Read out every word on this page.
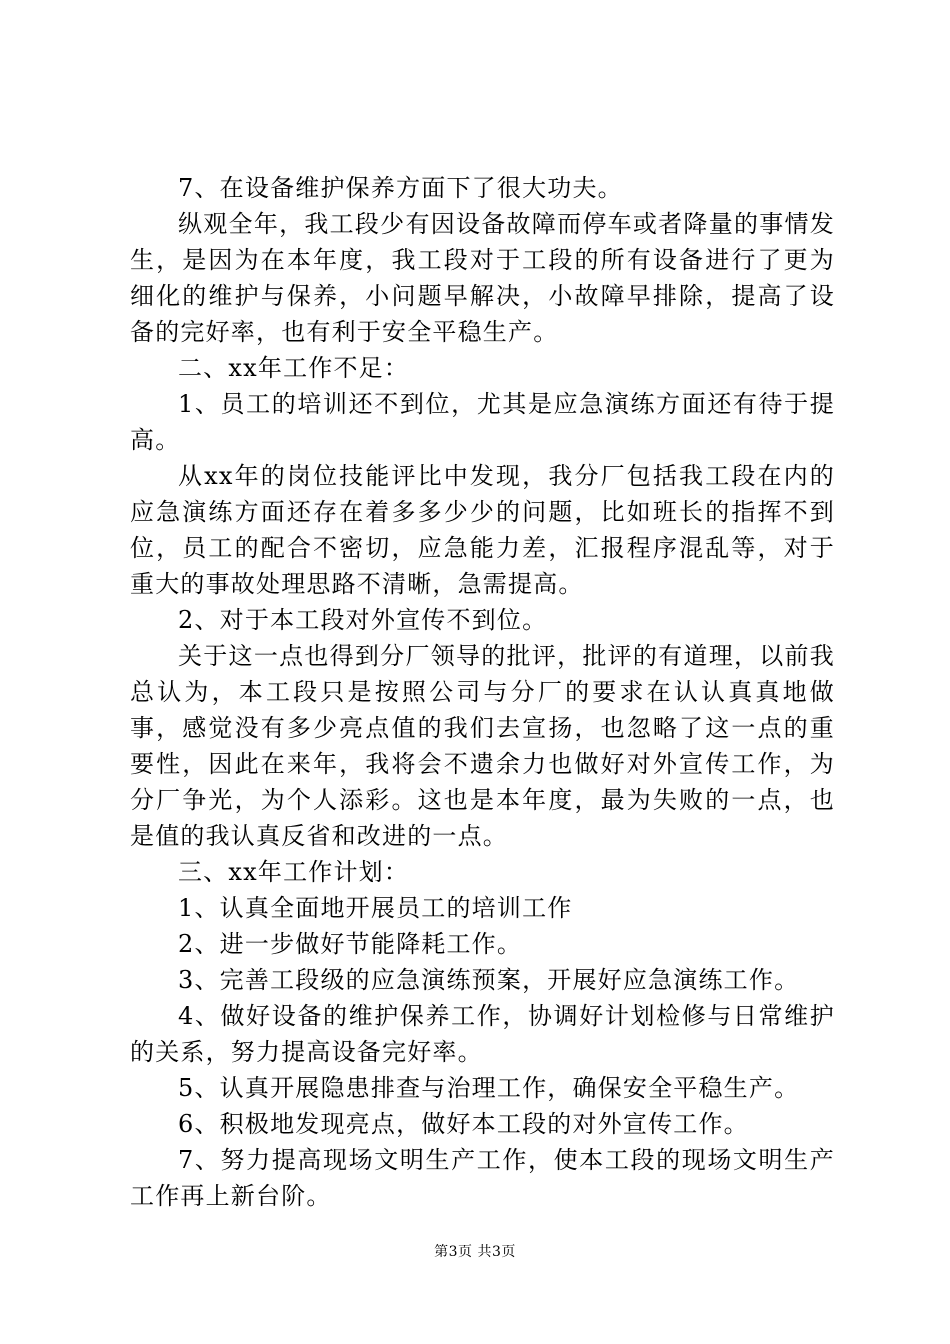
7、在设备维护保养方面下了很大功夫。

纵观全年，我工段少有因设备故障而停车或者降量的事情发生，是因为在本年度，我工段对于工段的所有设备进行了更为细化的维护与保养，小问题早解决，小故障早排除，提高了设备的完好率，也有利于安全平稳生产。

二、xx年工作不足：

1、员工的培训还不到位，尤其是应急演练方面还有待于提高。

从xx年的岗位技能评比中发现，我分厂包括我工段在内的应急演练方面还存在着多多少少的问题，比如班长的指挥不到位，员工的配合不密切，应急能力差，汇报程序混乱等，对于重大的事故处理思路不清晰，急需提高。

2、对于本工段对外宣传不到位。

关于这一点也得到分厂领导的批评，批评的有道理，以前我总认为，本工段只是按照公司与分厂的要求在认认真真地做事，感觉没有多少亮点值的我们去宣扬，也忽略了这一点的重要性，因此在来年，我将会不遗余力也做好对外宣传工作，为分厂争光，为个人添彩。这也是本年度，最为失败的一点，也是值的我认真反省和改进的一点。

三、xx年工作计划：

1、认真全面地开展员工的培训工作

2、进一步做好节能降耗工作。

3、完善工段级的应急演练预案，开展好应急演练工作。

4、做好设备的维护保养工作，协调好计划检修与日常维护的关系，努力提高设备完好率。

5、认真开展隐患排查与治理工作，确保安全平稳生产。

6、积极地发现亮点，做好本工段的对外宣传工作。

7、努力提高现场文明生产工作，使本工段的现场文明生产工作再上新台阶。

第3页 共3页
